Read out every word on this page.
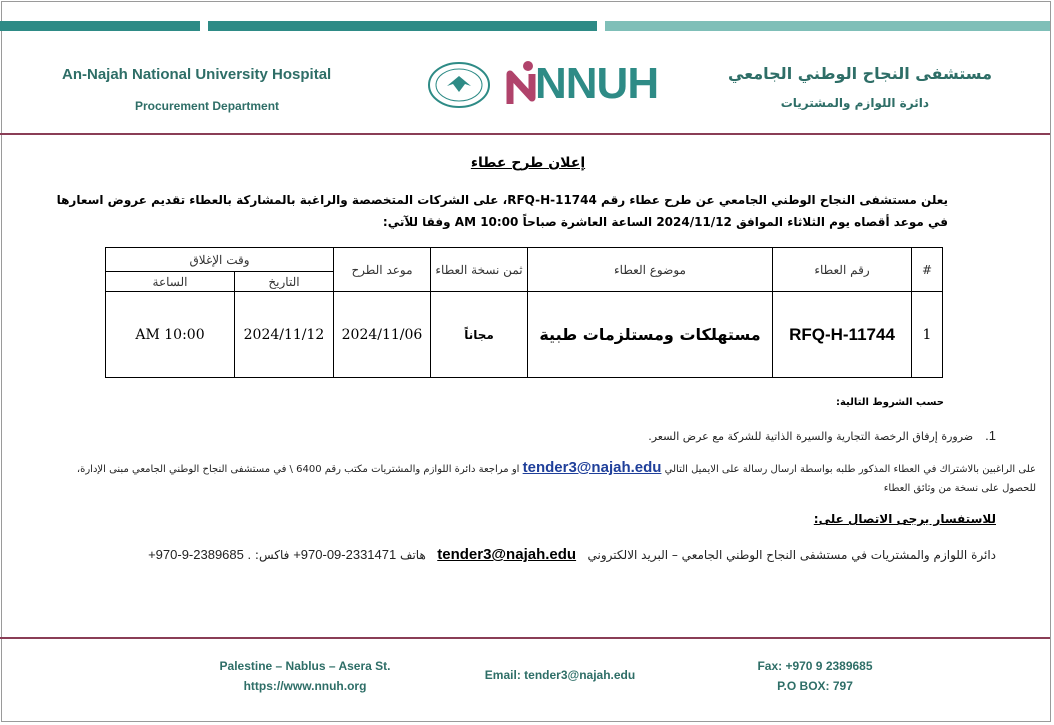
An-Najah National University Hospital
Procurement Department
مستشفى النجاح الوطني الجامعي
دائرة اللوازم والمشتريات
NNUH
إعلان طرح عطاء
يعلن مستشفى النجاح الوطني الجامعي عن طرح عطاء رقم RFQ-H-11744، على الشركات المتخصصة والراغبة بالمشاركة بالعطاء تقديم عروض اسعارها في موعد أقصاه يوم الثلاثاء الموافق 2024/11/12 الساعة العاشرة صباحاً AM 10:00 وفقا للآتي:
#	رقم العطاء	موضوع العطاء	ثمن نسخة العطاء	موعد الطرح	وقت الإغلاق	
					التاريخ	الساعة
1	RFQ-H-11744	مستهلكات ومستلزمات طبية	مجاناً	2024/11/06	2024/11/12	AM 10:00
حسب الشروط التالية:
1.ضرورة إرفاق الرخصة التجارية والسيرة الذاتية للشركة مع عرض السعر.
على الراغبين بالاشتراك في العطاء المذكور طلبه بواسطة ارسال رسالة على الايميل التالي tender3@najah.edu او مراجعة دائرة اللوازم والمشتريات مكتب رقم 6400 \ في مستشفى النجاح الوطني الجامعي مبنى الإدارة، للحصول على نسخة من وثائق العطاء
للاستفسار يرجى الاتصال على:
دائرة اللوازم والمشتريات في مستشفى النجاح الوطني الجامعي – البريد الالكتروني   tender3@najah.edu   هاتف +970-09-2331471 فاكس: +970-9-2389685 .
Palestine – Nablus – Asera St.
https://www.nnuh.org
Email: tender3@najah.edu
Fax: +970 9 2389685
P.O BOX: 797
